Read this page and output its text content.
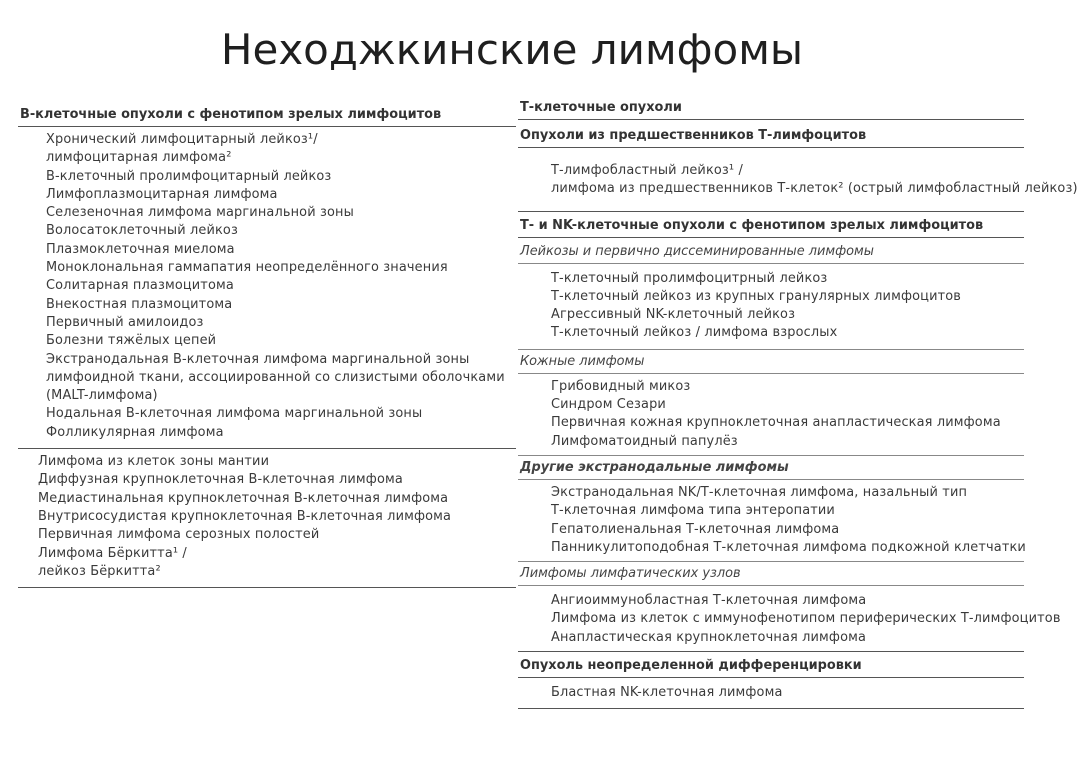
Неходжкинские лимфомы
В-клеточные опухоли с фенотипом зрелых лимфоцитов
Хронический лимфоцитарный лейкоз¹/
лимфоцитарная лимфома²
В-клеточный пролимфоцитарный лейкоз
Лимфоплазмоцитарная лимфома
Селезеночная лимфома маргинальной зоны
Волосатоклеточный лейкоз
Плазмоклеточная миелома
Моноклональная гаммапатия неопределённого значения
Солитарная плазмоцитома
Внекостная плазмоцитома
Первичный амилоидоз
Болезни тяжёлых цепей
Экстранодальная В-клеточная лимфома маргинальной зоны
лимфоидной ткани, ассоциированной со слизистыми оболочками
(MALT-лимфома)
Нодальная В-клеточная лимфома маргинальной зоны
Фолликулярная лимфома
Лимфома из клеток зоны мантии
Диффузная крупноклеточная В-клеточная лимфома
Медиастинальная крупноклеточная В-клеточная лимфома
Внутрисосудистая крупноклеточная В-клеточная лимфома
Первичная лимфома серозных полостей
Лимфома Бёркитта¹ /
лейкоз Бёркитта²
Т-клеточные опухоли
Опухоли из предшественников Т-лимфоцитов
Т-лимфобластный лейкоз¹ /
лимфома из предшественников Т-клеток² (острый лимфобластный лейкоз)
Т- и NK-клеточные опухоли с фенотипом зрелых лимфоцитов
Лейкозы и первично диссеминированные лимфомы
Т-клеточный пролимфоцитрный лейкоз
Т-клеточный лейкоз из крупных гранулярных лимфоцитов
Агрессивный NK-клеточный лейкоз
Т-клеточный лейкоз / лимфома взрослых
Кожные лимфомы
Грибовидный микоз
Синдром Сезари
Первичная кожная крупноклеточная анапластическая лимфома
Лимфоматоидный папулёз
Другие экстранодальные лимфомы
Экстранодальная NK/Т-клеточная лимфома, назальный тип
Т-клеточная лимфома типа энтеропатии
Гепатолиенальная Т-клеточная лимфома
Панникулитоподобная Т-клеточная лимфома подкожной клетчатки
Лимфомы лимфатических узлов
Ангиоиммунобластная Т-клеточная лимфома
Лимфома из клеток с иммунофенотипом периферических Т-лимфоцитов
Анапластическая крупноклеточная лимфома
Опухоль неопределенной дифференцировки
Бластная NK-клеточная лимфома
